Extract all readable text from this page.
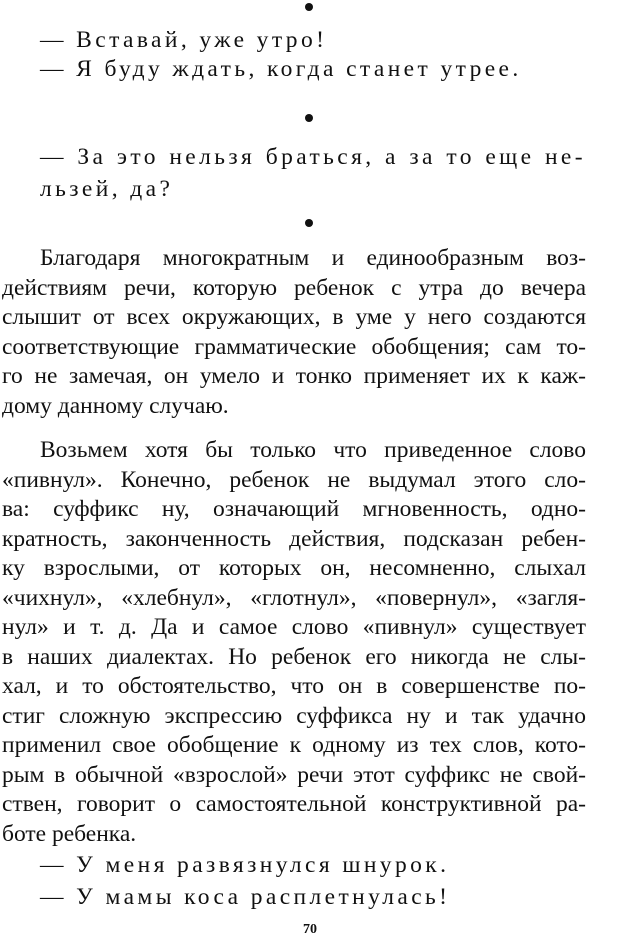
— Вставай, уже утро!
— Я буду ждать, когда станет утрее.
— За это нельзя браться, а за то еще не-
льзей, да?
Благодаря многократным и единообразным воз-
действиям речи, которую ребенок с утра до вечера
слышит от всех окружающих, в уме у него создаются
соответствующие грамматические обобщения; сам то-
го не замечая, он умело и тонко применяет их к каж-
дому данному случаю.
Возьмем хотя бы только что приведенное слово
«пивнул». Конечно, ребенок не выдумал этого сло-
ва: суффикс ну, означающий мгновенность, одно-
кратность, законченность действия, подсказан ребен-
ку взрослыми, от которых он, несомненно, слыхал
«чихнул», «хлебнул», «глотнул», «повернул», «загля-
нул» и т. д. Да и самое слово «пивнул» существует
в наших диалектах. Но ребенок его никогда не слы-
хал, и то обстоятельство, что он в совершенстве по-
стиг сложную экспрессию суффикса ну и так удачно
применил свое обобщение к одному из тех слов, кото-
рым в обычной «взрослой» речи этот суффикс не свой-
ствен, говорит о самостоятельной конструктивной ра-
боте ребенка.
— У меня развязнулся шнурок.
— У мамы коса расплетнулась!
70
